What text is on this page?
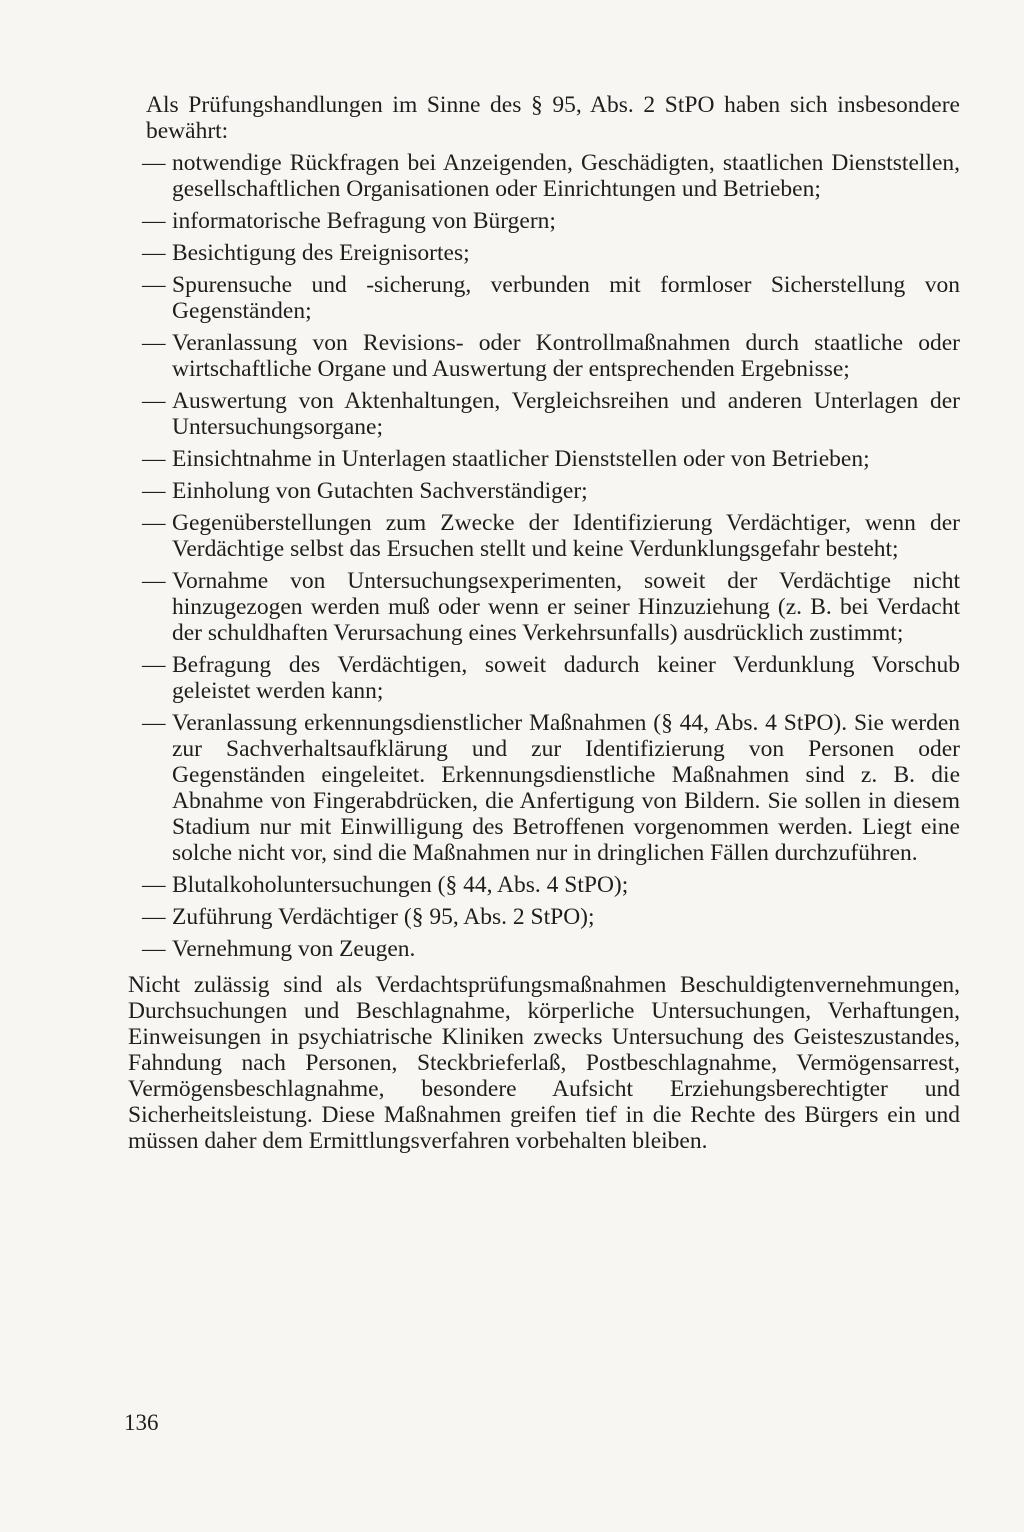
Als Prüfungshandlungen im Sinne des § 95, Abs. 2 StPO haben sich insbesondere bewährt:

— notwendige Rückfragen bei Anzeigenden, Geschädigten, staatlichen Dienststellen, gesellschaftlichen Organisationen oder Einrichtungen und Betrieben;
— informatorische Befragung von Bürgern;
— Besichtigung des Ereignisortes;
— Spurensuche und -sicherung, verbunden mit formloser Sicherstellung von Gegenständen;
— Veranlassung von Revisions- oder Kontrollmaßnahmen durch staatliche oder wirtschaftliche Organe und Auswertung der entsprechenden Ergebnisse;
— Auswertung von Aktenhaltungen, Vergleichsreihen und anderen Unterlagen der Untersuchungsorgane;
— Einsichtnahme in Unterlagen staatlicher Dienststellen oder von Betrieben;
— Einholung von Gutachten Sachverständiger;
— Gegenüberstellungen zum Zwecke der Identifizierung Verdächtiger, wenn der Verdächtige selbst das Ersuchen stellt und keine Verdunklungsgefahr besteht;
— Vornahme von Untersuchungsexperimenten, soweit der Verdächtige nicht hinzugezogen werden muß oder wenn er seiner Hinzuziehung (z. B. bei Verdacht der schuldhaften Verursachung eines Verkehrsunfalls) ausdrücklich zustimmt;
— Befragung des Verdächtigen, soweit dadurch keiner Verdunklung Vorschub geleistet werden kann;
— Veranlassung erkennungsdienstlicher Maßnahmen (§ 44, Abs. 4 StPO). Sie werden zur Sachverhaltsaufklärung und zur Identifizierung von Personen oder Gegenständen eingeleitet. Erkennungsdienstliche Maßnahmen sind z. B. die Abnahme von Fingerabdrücken, die Anfertigung von Bildern. Sie sollen in diesem Stadium nur mit Einwilligung des Betroffenen vorgenommen werden. Liegt eine solche nicht vor, sind die Maßnahmen nur in dringlichen Fällen durchzuführen.
— Blutalkoholuntersuchungen (§ 44, Abs. 4 StPO);
— Zuführung Verdächtiger (§ 95, Abs. 2 StPO);
— Vernehmung von Zeugen.

Nicht zulässig sind als Verdachtsprüfungsmaßnahmen Beschuldigtenvernehmungen, Durchsuchungen und Beschlagnahme, körperliche Untersuchungen, Verhaftungen, Einweisungen in psychiatrische Kliniken zwecks Untersuchung des Geisteszustandes, Fahndung nach Personen, Steckbrieferlaß, Postbeschlagnahme, Vermögensarrest, Vermögensbeschlagnahme, besondere Aufsicht Erziehungsberechtigter und Sicherheitsleistung. Diese Maßnahmen greifen tief in die Rechte des Bürgers ein und müssen daher dem Ermittlungsverfahren vorbehalten bleiben.

136
